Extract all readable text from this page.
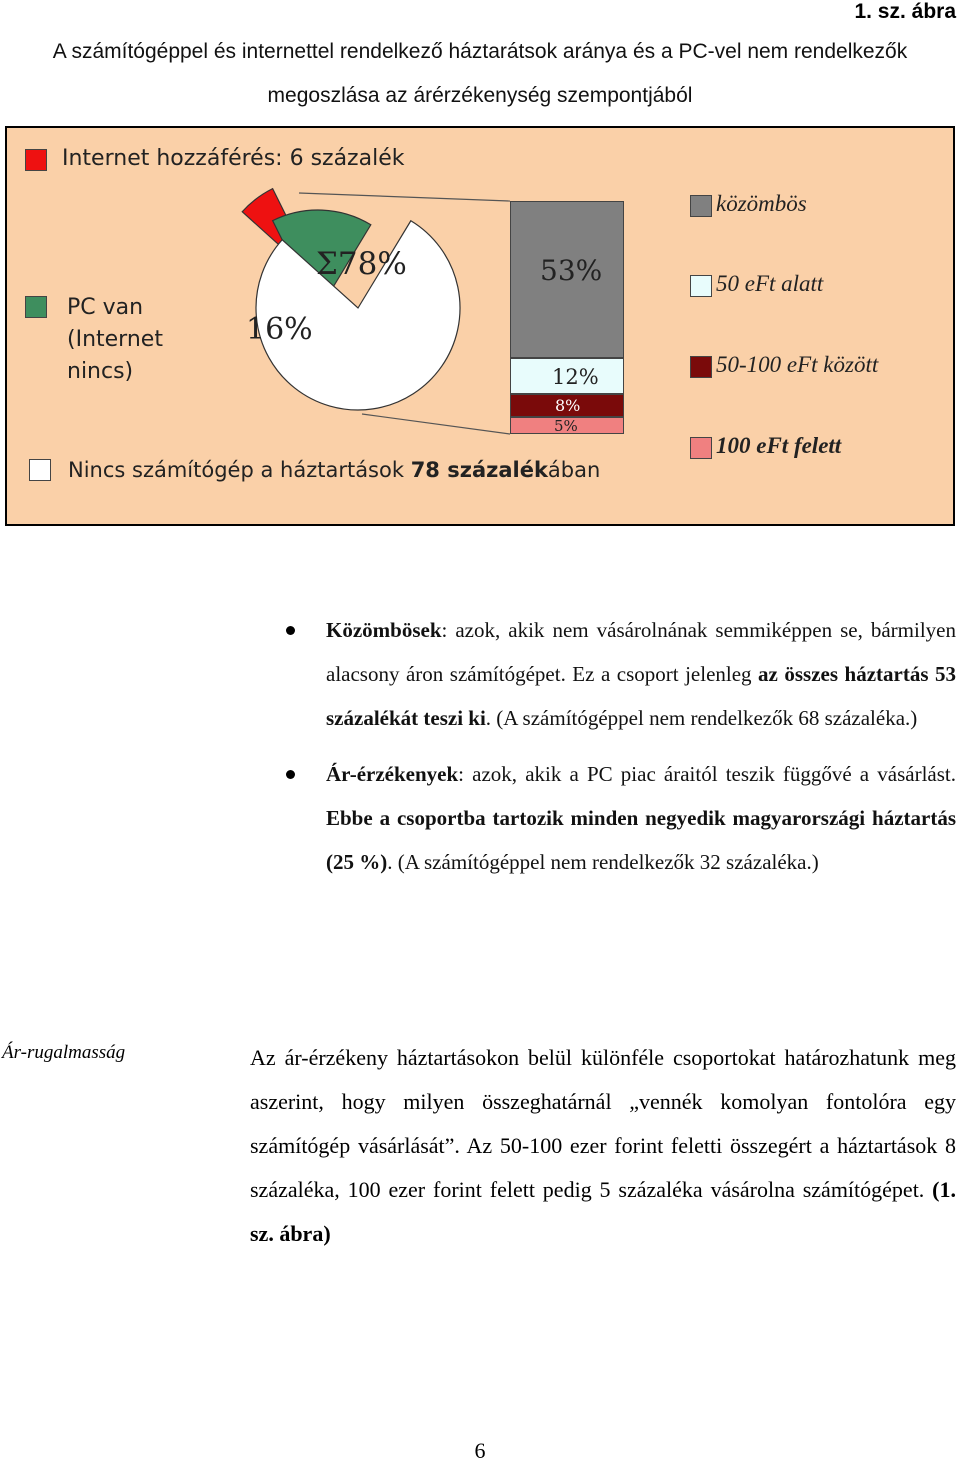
1. sz. ábra
A számítógéppel és internettel rendelkező háztarátsok aránya és a PC-vel nem rendelkezők
megoszlása az árérzékenység szempontjából
Internet hozzáférés: 6 százalék
PC van
(Internet
nincs)
Nincs számítógép a háztartások 78 százalékában
Σ78%
16%
53%
12%
8%
5%
közömbös
50 eFt alatt
50-100 eFt között
100 eFt felett
Közömbösek: azok, akik nem vásárolnának semmiképpen se, bármilyen alacsony áron számítógépet. Ez a csoport jelenleg az összes háztartás 53 százalékát teszi ki. (A számítógéppel nem rendelkezők 68 százaléka.)
Ár-érzékenyek: azok, akik a PC piac áraitól teszik függővé a vásárlást. Ebbe a csoportba tartozik minden negyedik magyarországi háztartás (25 %). (A számítógéppel nem rendelkezők 32 százaléka.)
Ár-rugalmasság	Az ár-érzékeny háztartásokon belül különféle csoportokat határozhatunk meg aszerint, hogy milyen összeghatárnál „vennék komolyan fontolóra egy számítógép vásárlását”. Az 50-100 ezer forint feletti összegért a háztartások 8 százaléka, 100 ezer forint felett pedig 5 százaléka vásárolna számítógépet. (1. sz. ábra)
6
